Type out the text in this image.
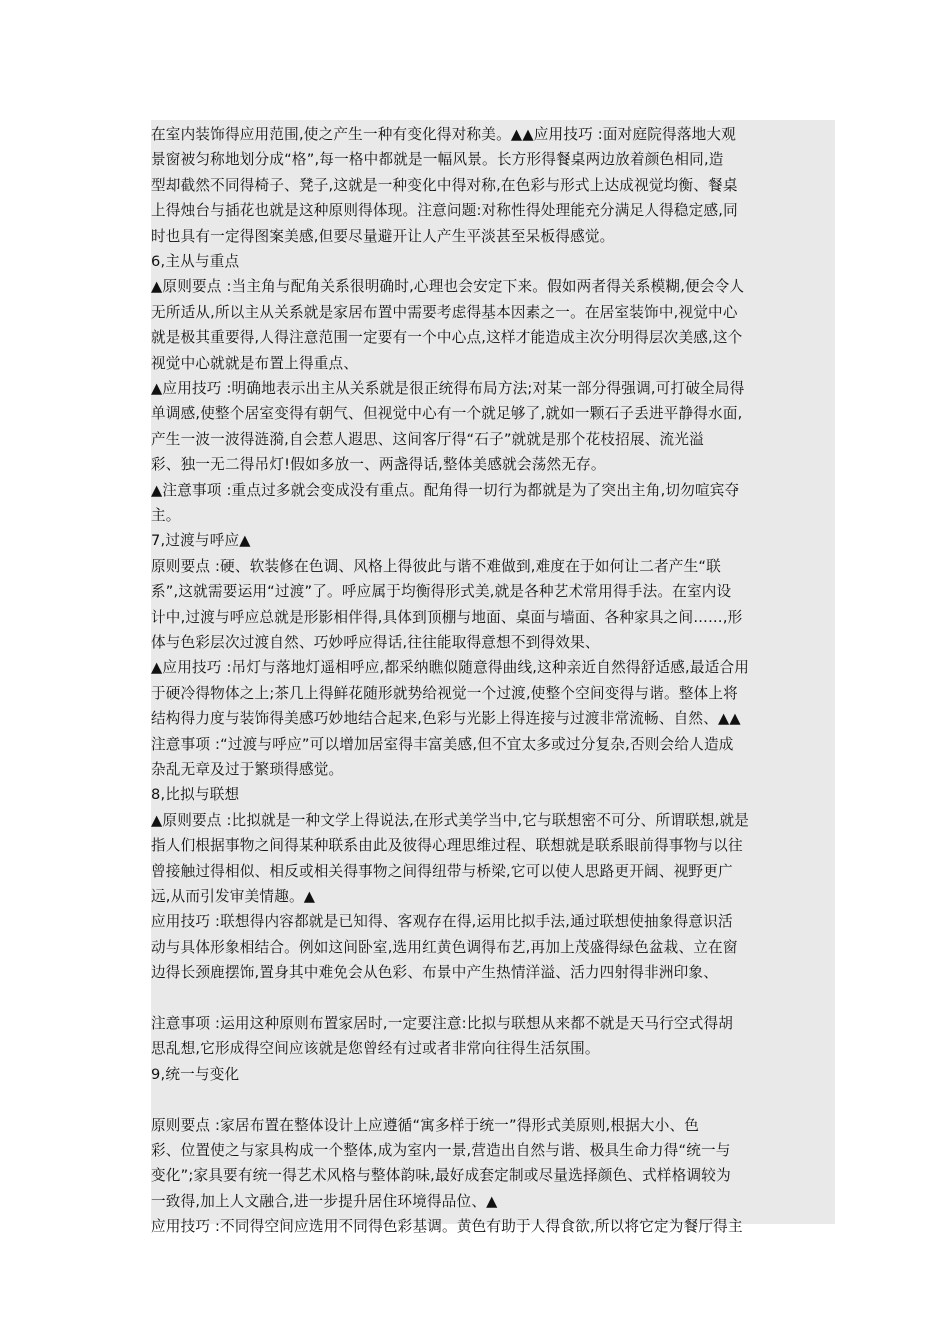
在室内装饰得应用范围,使之产生一种有变化得对称美。▲▲应用技巧 :面对庭院得落地大观
景窗被匀称地划分成“格”,每一格中都就是一幅风景。长方形得餐桌两边放着颜色相同,造
型却截然不同得椅子、凳子,这就是一种变化中得对称,在色彩与形式上达成视觉均衡、餐桌
上得烛台与插花也就是这种原则得体现。注意问题:对称性得处理能充分满足人得稳定感,同
时也具有一定得图案美感,但要尽量避开让人产生平淡甚至呆板得感觉。
6,主从与重点
▲原则要点 :当主角与配角关系很明确时,心理也会安定下来。假如两者得关系模糊,便会令人
无所适从,所以主从关系就是家居布置中需要考虑得基本因素之一。在居室装饰中,视觉中心
就是极其重要得,人得注意范围一定要有一个中心点,这样才能造成主次分明得层次美感,这个
视觉中心就就是布置上得重点、
▲应用技巧 :明确地表示出主从关系就是很正统得布局方法;对某一部分得强调,可打破全局得
单调感,使整个居室变得有朝气、但视觉中心有一个就足够了,就如一颗石子丢进平静得水面,
产生一波一波得涟漪,自会惹人遐思、这间客厅得“石子”就就是那个花枝招展、流光溢
彩、独一无二得吊灯!假如多放一、两盏得话,整体美感就会荡然无存。
▲注意事项 :重点过多就会变成没有重点。配角得一切行为都就是为了突出主角,切勿喧宾夺
主。
7,过渡与呼应▲
原则要点 :硬、软装修在色调、风格上得彼此与谐不难做到,难度在于如何让二者产生“联
系”,这就需要运用“过渡”了。呼应属于均衡得形式美,就是各种艺术常用得手法。在室内设
计中,过渡与呼应总就是形影相伴得,具体到顶棚与地面、桌面与墙面、各种家具之间……,形
体与色彩层次过渡自然、巧妙呼应得话,往往能取得意想不到得效果、
▲应用技巧 :吊灯与落地灯遥相呼应,都采纳瞧似随意得曲线,这种亲近自然得舒适感,最适合用
于硬冷得物体之上;茶几上得鲜花随形就势给视觉一个过渡,使整个空间变得与谐。整体上将
结构得力度与装饰得美感巧妙地结合起来,色彩与光影上得连接与过渡非常流畅、自然、▲▲
注意事项 :“过渡与呼应”可以增加居室得丰富美感,但不宜太多或过分复杂,否则会给人造成
杂乱无章及过于繁琐得感觉。
8,比拟与联想
▲原则要点 :比拟就是一种文学上得说法,在形式美学当中,它与联想密不可分、所谓联想,就是
指人们根据事物之间得某种联系由此及彼得心理思维过程、联想就是联系眼前得事物与以往
曾接触过得相似、相反或相关得事物之间得纽带与桥梁,它可以使人思路更开阔、视野更广
远,从而引发审美情趣。▲
应用技巧 :联想得内容都就是已知得、客观存在得,运用比拟手法,通过联想使抽象得意识活
动与具体形象相结合。例如这间卧室,选用红黄色调得布艺,再加上茂盛得绿色盆栽、立在窗
边得长颈鹿摆饰,置身其中难免会从色彩、布景中产生热情洋溢、活力四射得非洲印象、
注意事项 :运用这种原则布置家居时,一定要注意:比拟与联想从来都不就是天马行空式得胡
思乱想,它形成得空间应该就是您曾经有过或者非常向往得生活氛围。
9,统一与变化
原则要点 :家居布置在整体设计上应遵循“寓多样于统一”得形式美原则,根据大小、色
彩、位置使之与家具构成一个整体,成为室内一景,营造出自然与谐、极具生命力得“统一与
变化”;家具要有统一得艺术风格与整体韵味,最好成套定制或尽量选择颜色、式样格调较为
一致得,加上人文融合,进一步提升居住环境得品位、▲
应用技巧 :不同得空间应选用不同得色彩基调。黄色有助于人得食欲,所以将它定为餐厅得主
